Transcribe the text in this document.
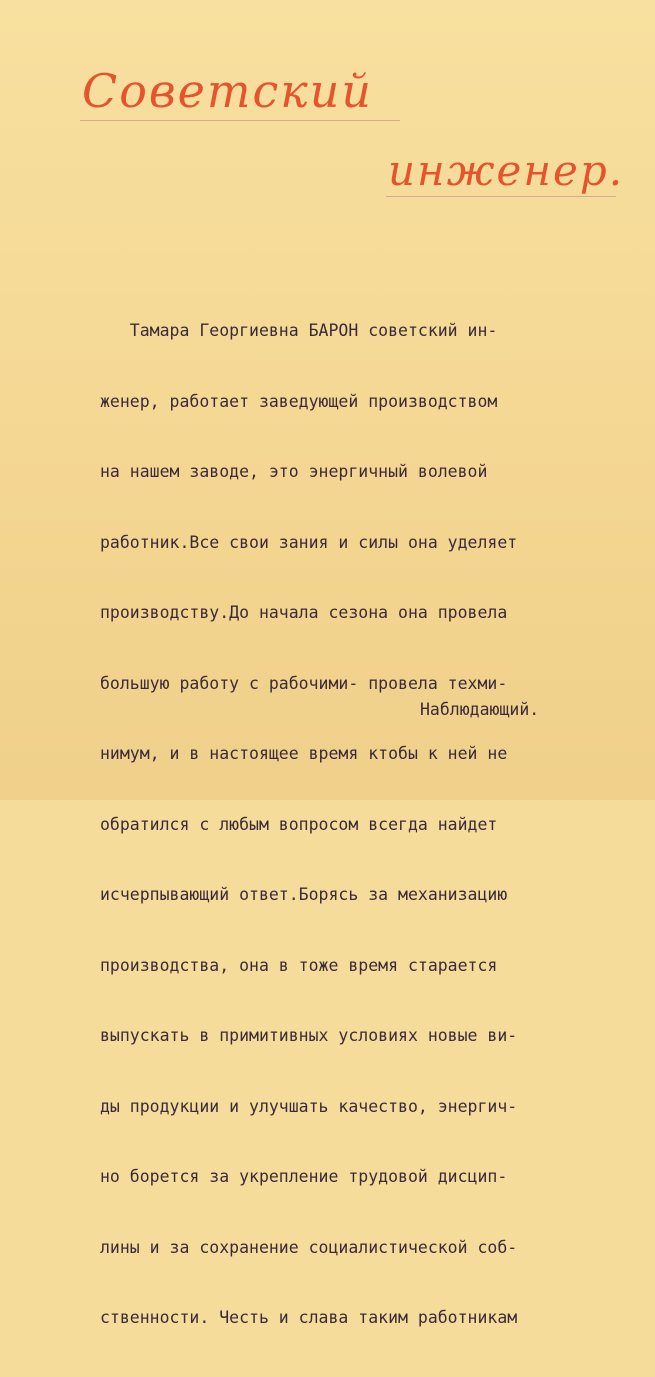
Советский
инженер.

Тамара Георгиевна БАРОН советский ин-

женер, работает заведующей производством

на нашем заводе, это энергичный волевой

работник.Все свои зания и силы она уделяет

производству.До начала сезона она провела

большую работу с рабочими- провела техми-

нимум, и в настоящее время ктобы к ней не

обратился с любым вопросом всегда найдет

исчерпывающий ответ.Борясь за механизацию

производства, она в тоже время старается

выпускать в примитивных условиях новые ви-

ды продукции и улучшать качество, энергич-

но борется за укрепление трудовой дисцип-

лины и за сохранение социалистической соб-

ственности. Честь и слава таким работникам

Наблюдающий.
